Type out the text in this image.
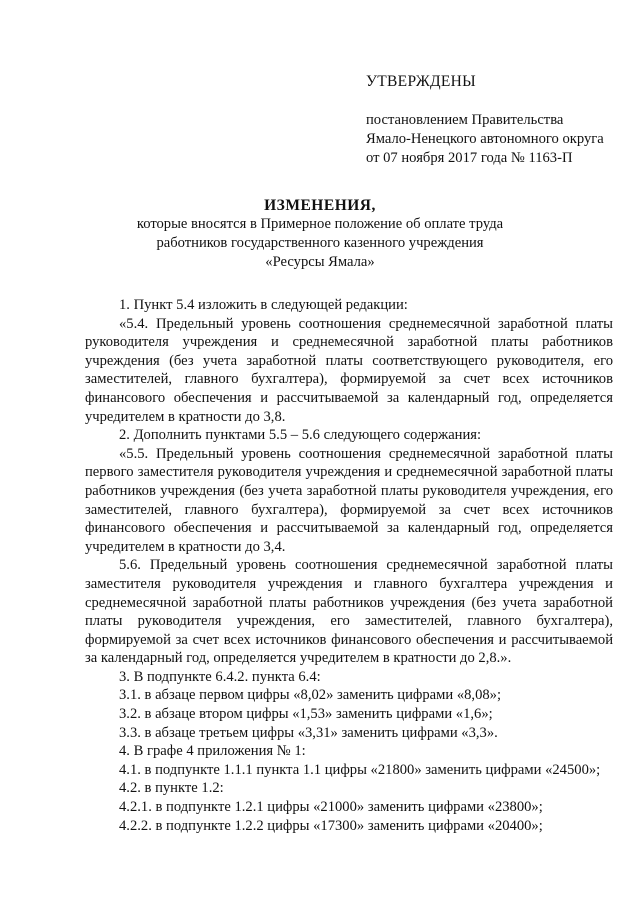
УТВЕРЖДЕНЫ
постановлением Правительства
Ямало-Ненецкого автономного округа
от 07 ноября 2017 года № 1163-П
ИЗМЕНЕНИЯ,
которые вносятся в Примерное положение об оплате труда
работников государственного казенного учреждения
«Ресурсы Ямала»

1. Пункт 5.4 изложить в следующей редакции:

«5.4. Предельный уровень соотношения среднемесячной заработной платы руководителя учреждения и среднемесячной заработной платы работников учреждения (без учета заработной платы соответствующего руководителя, его заместителей, главного бухгалтера), формируемой за счет всех источников финансового обеспечения и рассчитываемой за календарный год, определяется учредителем в кратности до 3,8.

2. Дополнить пунктами 5.5 – 5.6 следующего содержания:

«5.5. Предельный уровень соотношения среднемесячной заработной платы первого заместителя руководителя учреждения и среднемесячной заработной платы работников учреждения (без учета заработной платы руководителя учреждения, его заместителей, главного бухгалтера), формируемой за счет всех источников финансового обеспечения и рассчитываемой за календарный год, определяется учредителем в кратности до 3,4.

5.6. Предельный уровень соотношения среднемесячной заработной платы заместителя руководителя учреждения и главного бухгалтера учреждения и среднемесячной заработной платы работников учреждения (без учета заработной платы руководителя учреждения, его заместителей, главного бухгалтера), формируемой за счет всех источников финансового обеспечения и рассчитываемой за календарный год, определяется учредителем в кратности до 2,8.».

3. В подпункте 6.4.2. пункта 6.4:

3.1. в абзаце первом цифры «8,02» заменить цифрами «8,08»;

3.2. в абзаце втором цифры «1,53» заменить цифрами «1,6»;

3.3. в абзаце третьем цифры «3,31» заменить цифрами «3,3».

4. В графе 4 приложения № 1:

4.1. в подпункте 1.1.1 пункта 1.1 цифры «21800» заменить цифрами «24500»;

4.2. в пункте 1.2:

4.2.1. в подпункте 1.2.1 цифры «21000» заменить цифрами «23800»;

4.2.2. в подпункте 1.2.2 цифры «17300» заменить цифрами «20400»;
